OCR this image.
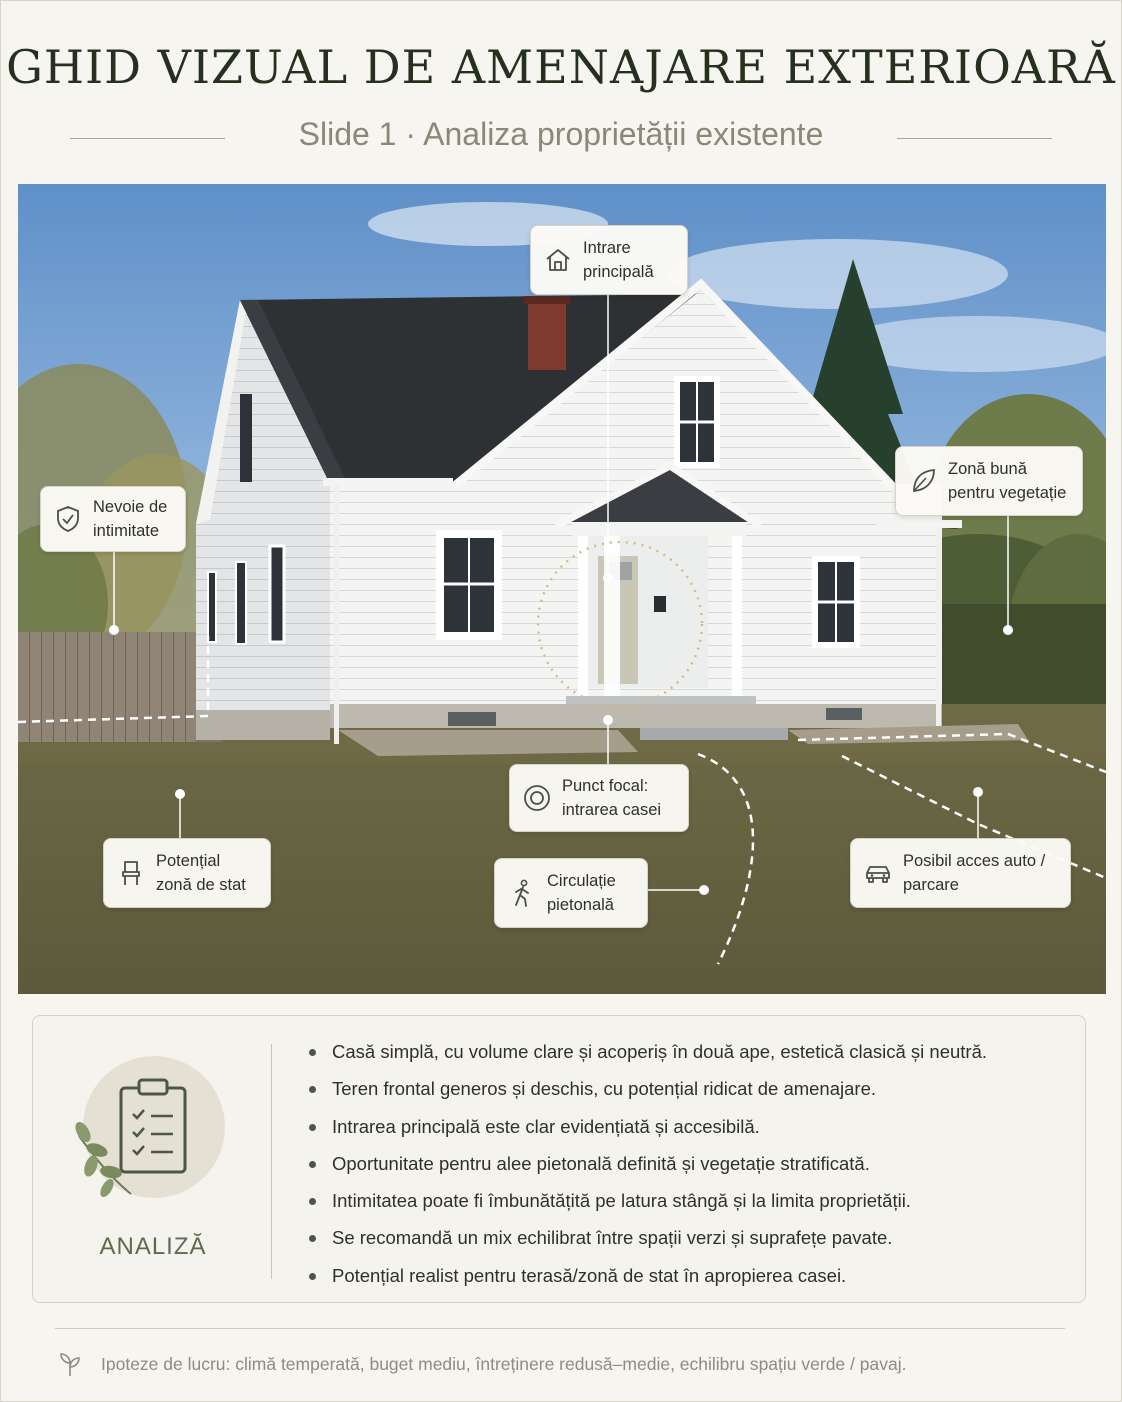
GHID VIZUAL DE AMENAJARE EXTERIOARĂ
Slide 1 · Analiza proprietății existente
Intrare
principală
Nevoie de
intimitate
Zonă bună
pentru vegetație
Punct focal:
intrarea casei
Potențial
zonă de stat	Circulație
pietonală
Posibil acces auto /
parcare
ANALIZĂ
Casă simplă, cu volume clare și acoperiș în două ape, estetică clasică și neutră.
Teren frontal generos și deschis, cu potențial ridicat de amenajare.
Intrarea principală este clar evidențiată și accesibilă.
Oportunitate pentru alee pietonală definită și vegetație stratificată.
Intimitatea poate fi îmbunătățită pe latura stângă și la limita proprietății.
Se recomandă un mix echilibrat între spații verzi și suprafețe pavate.
Potențial realist pentru terasă/zonă de stat în apropierea casei.
Ipoteze de lucru: climă temperată, buget mediu, întreținere redusă–medie, echilibru spațiu verde / pavaj.
